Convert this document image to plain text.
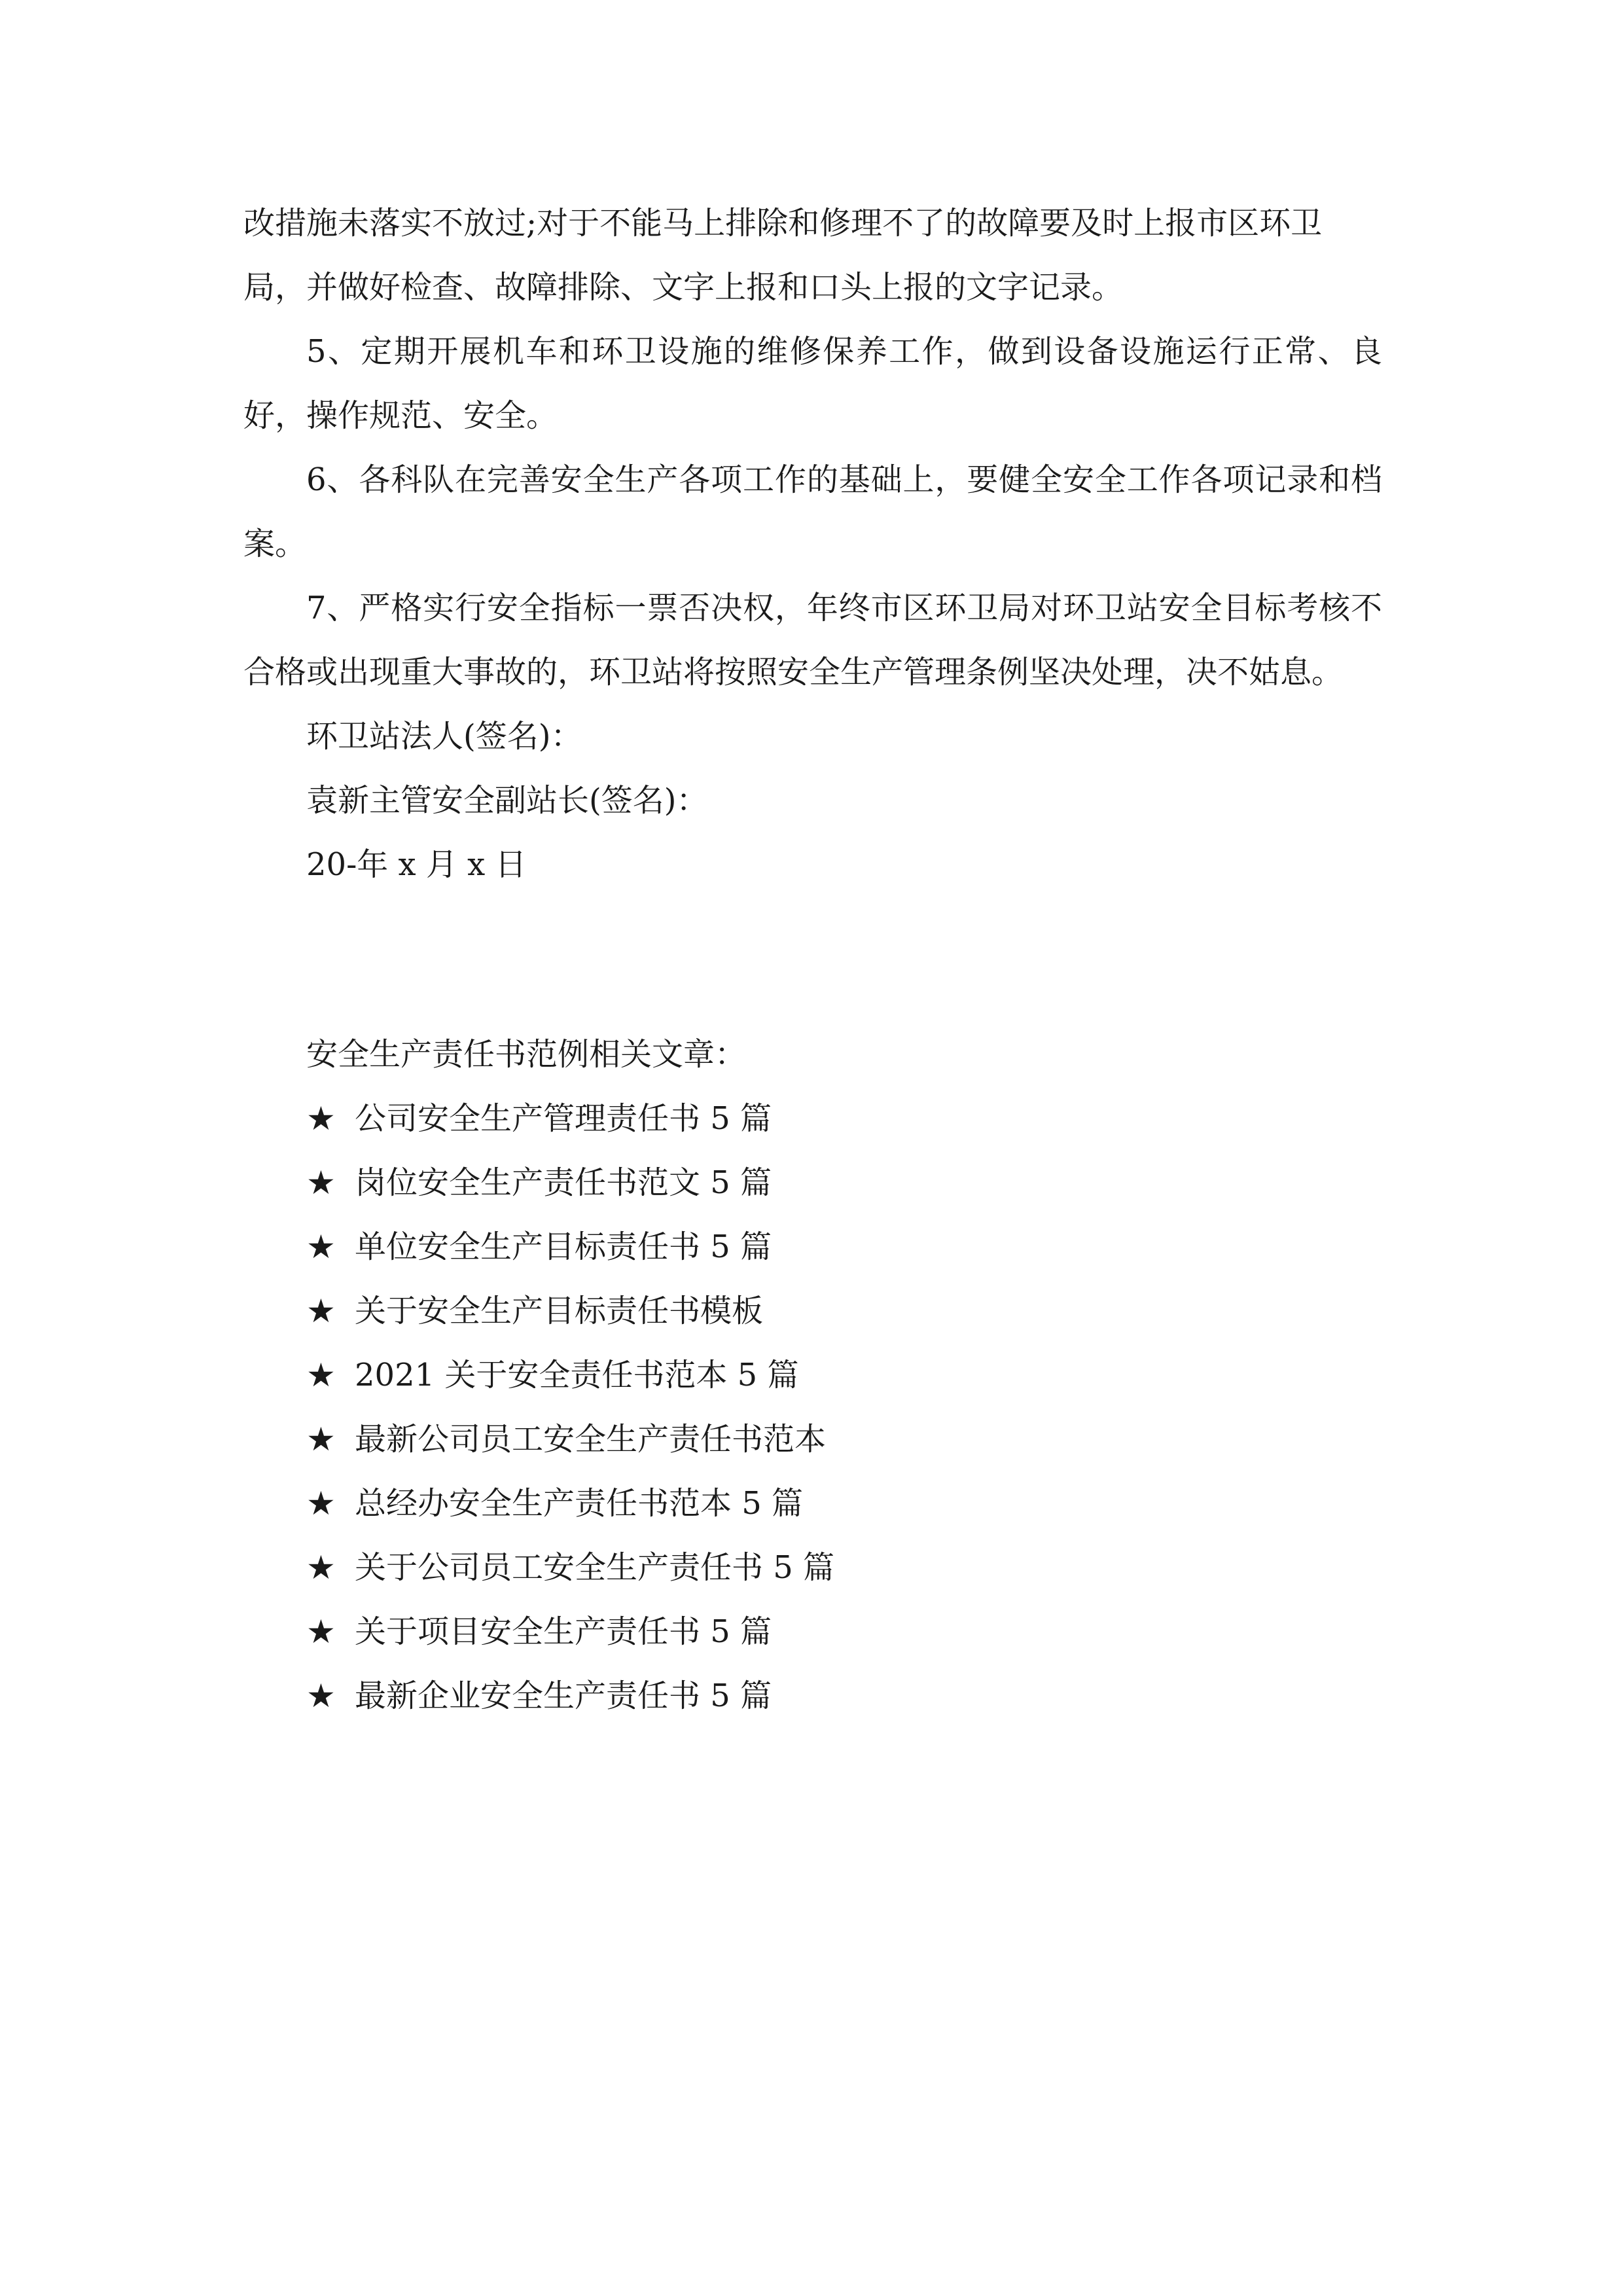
改措施未落实不放过;对于不能马上排除和修理不了的故障要及时上报市区环卫
局，并做好检查、故障排除、文字上报和口头上报的文字记录。

5、定期开展机车和环卫设施的维修保养工作，做到设备设施运行正常、良好，操作规范、安全。

6、各科队在完善安全生产各项工作的基础上，要健全安全工作各项记录和档案。

7、严格实行安全指标一票否决权，年终市区环卫局对环卫站安全目标考核不合格或出现重大事故的，环卫站将按照安全生产管理条例坚决处理，决不姑息。

环卫站法人(签名)：

袁新主管安全副站长(签名)：

20-年 x 月 x 日

安全生产责任书范例相关文章：

★ 公司安全生产管理责任书 5 篇
★ 岗位安全生产责任书范文 5 篇
★ 单位安全生产目标责任书 5 篇
★ 关于安全生产目标责任书模板
★ 2021 关于安全责任书范本 5 篇
★ 最新公司员工安全生产责任书范本
★ 总经办安全生产责任书范本 5 篇
★ 关于公司员工安全生产责任书 5 篇
★ 关于项目安全生产责任书 5 篇
★ 最新企业安全生产责任书 5 篇
